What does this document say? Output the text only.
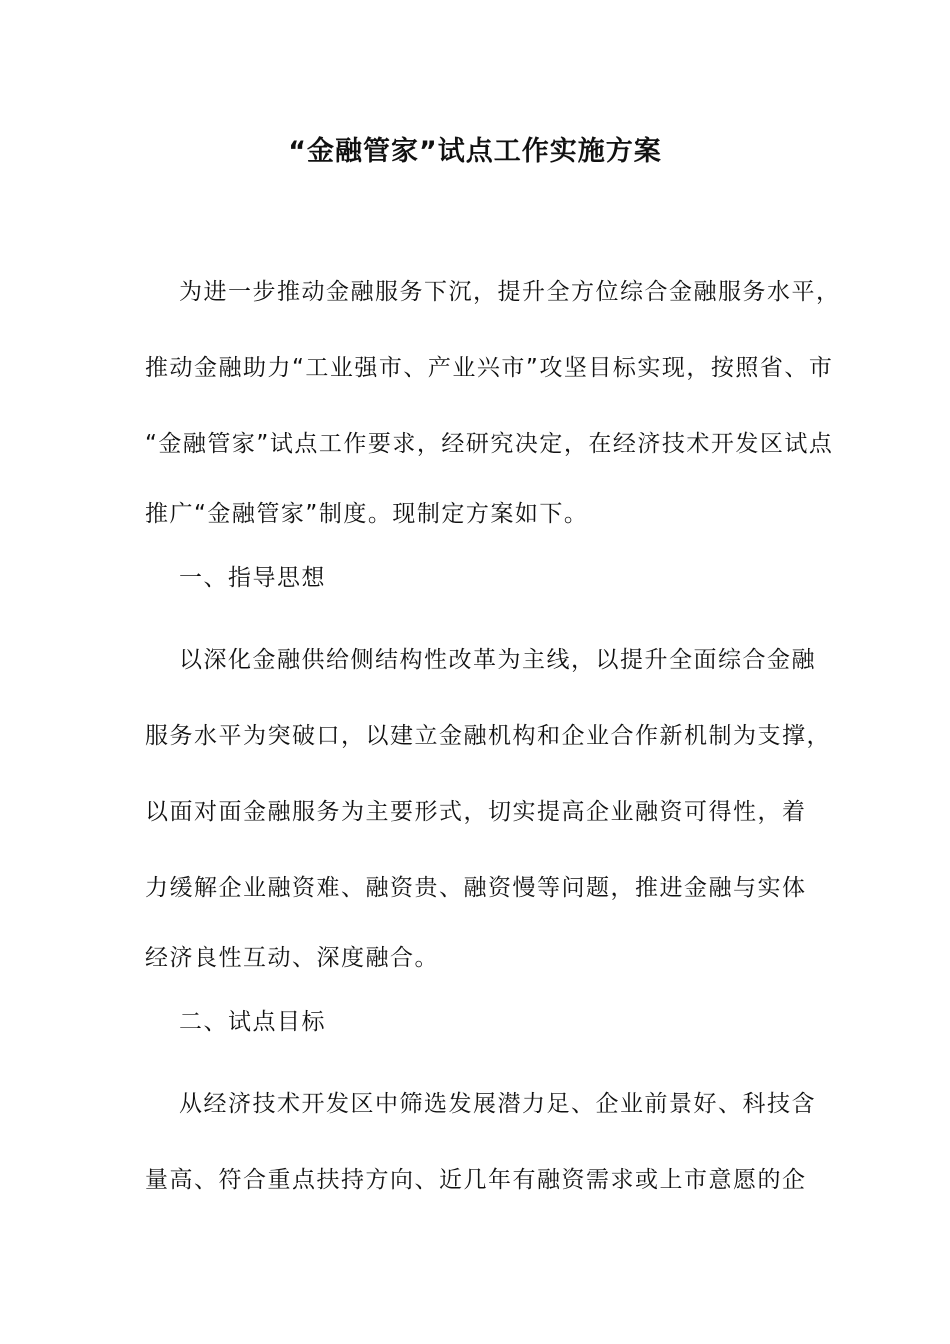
“金融管家”试点工作实施方案
为进一步推动金融服务下沉，提升全方位综合金融服务水平，
推动金融助力“工业强市、产业兴市”攻坚目标实现，按照省、市
“金融管家”试点工作要求，经研究决定，在经济技术开发区试点
推广“金融管家”制度。现制定方案如下。
一、指导思想
以深化金融供给侧结构性改革为主线，以提升全面综合金融
服务水平为突破口，以建立金融机构和企业合作新机制为支撑，
以面对面金融服务为主要形式，切实提高企业融资可得性，着
力缓解企业融资难、融资贵、融资慢等问题，推进金融与实体
经济良性互动、深度融合。
二、试点目标
从经济技术开发区中筛选发展潜力足、企业前景好、科技含
量高、符合重点扶持方向、近几年有融资需求或上市意愿的企
